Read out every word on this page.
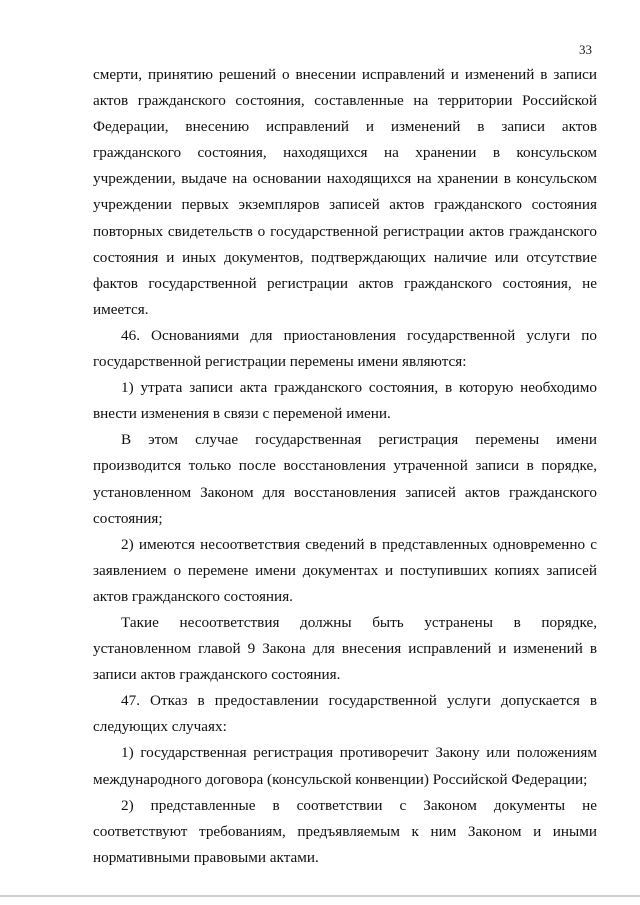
33

смерти, принятию решений о внесении исправлений и изменений в записи актов гражданского состояния, составленные на территории Российской Федерации, внесению исправлений и изменений в записи актов гражданского состояния, находящихся на хранении в консульском учреждении, выдаче на основании находящихся на хранении в консульском учреждении первых экземпляров записей актов гражданского состояния повторных свидетельств о государственной регистрации актов гражданского состояния и иных документов, подтверждающих наличие или отсутствие фактов государственной регистрации актов гражданского состояния, не имеется.

46. Основаниями для приостановления государственной услуги по государственной регистрации перемены имени являются:

1) утрата записи акта гражданского состояния, в которую необходимо внести изменения в связи с переменой имени.

В этом случае государственная регистрация перемены имени производится только после восстановления утраченной записи в порядке, установленном Законом для восстановления записей актов гражданского состояния;

2) имеются несоответствия сведений в представленных одновременно с заявлением о перемене имени документах и поступивших копиях записей актов гражданского состояния.

Такие несоответствия должны быть устранены в порядке, установленном главой 9 Закона для внесения исправлений и изменений в записи актов гражданского состояния.

47. Отказ в предоставлении государственной услуги допускается в следующих случаях:

1) государственная регистрация противоречит Закону или положениям международного договора (консульской конвенции) Российской Федерации;

2) представленные в соответствии с Законом документы не соответствуют требованиям, предъявляемым к ним Законом и иными нормативными правовыми актами.
